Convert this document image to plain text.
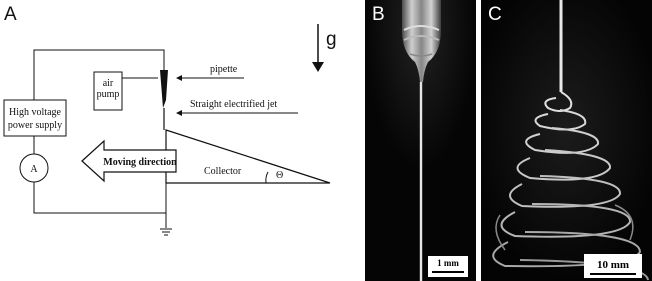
A
g
air
pump
pipette
Straight electrified jet
Collector	Θ
Moving direction
High voltage
power supply
A
B
1 mm
C
10 mm
